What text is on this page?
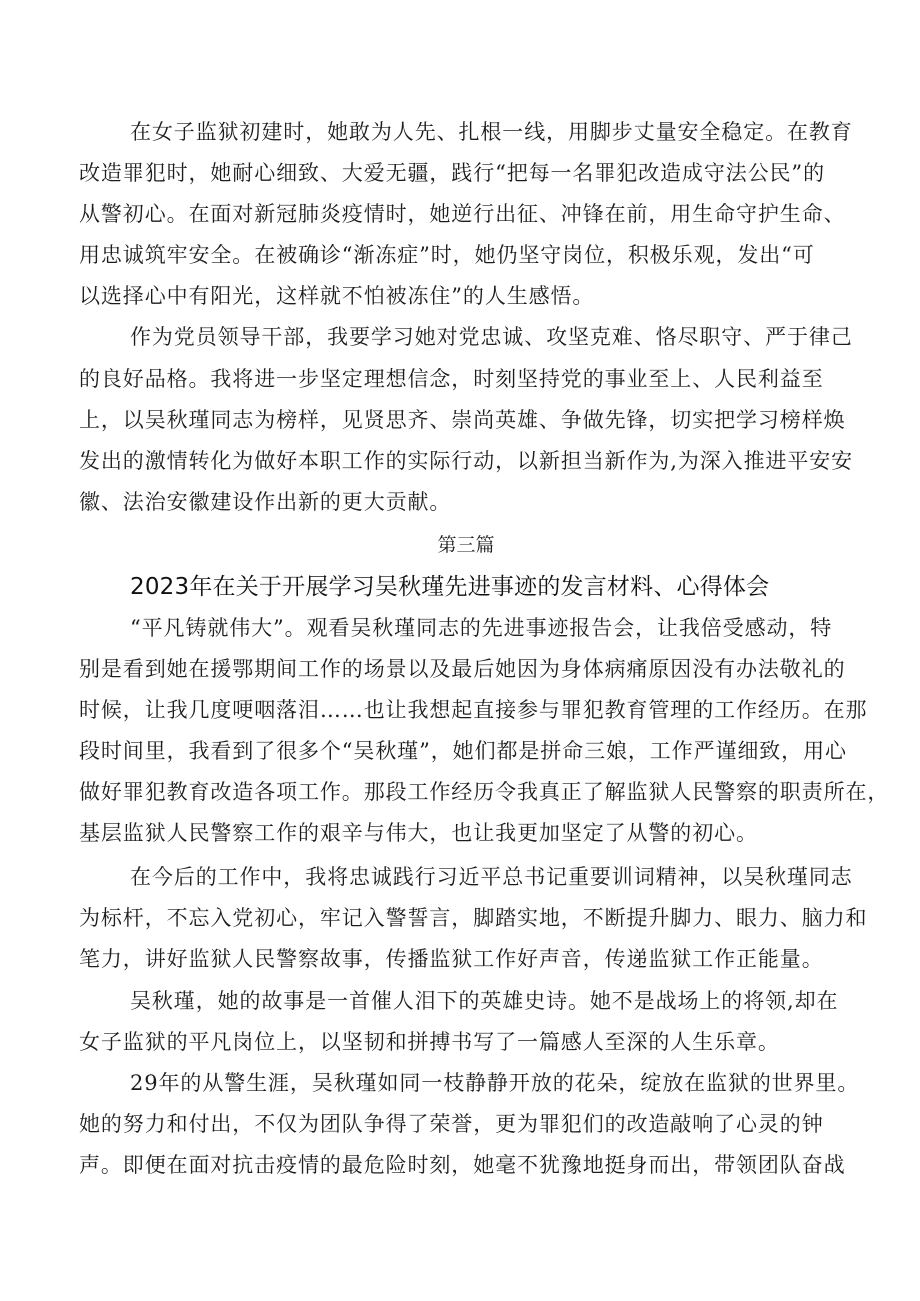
在女子监狱初建时，她敢为人先、扎根一线，用脚步丈量安全稳定。在教育
改造罪犯时，她耐心细致、大爱无疆，践行“把每一名罪犯改造成守法公民”的
从警初心。在面对新冠肺炎疫情时，她逆行出征、冲锋在前，用生命守护生命、
用忠诚筑牢安全。在被确诊“渐冻症”时，她仍坚守岗位，积极乐观，发出“可
以选择心中有阳光，这样就不怕被冻住”的人生感悟。
作为党员领导干部，我要学习她对党忠诚、攻坚克难、恪尽职守、严于律己
的良好品格。我将进一步坚定理想信念，时刻坚持党的事业至上、人民利益至
上，以吴秋瑾同志为榜样，见贤思齐、崇尚英雄、争做先锋，切实把学习榜样焕
发出的激情转化为做好本职工作的实际行动，以新担当新作为,为深入推进平安安
徽、法治安徽建设作出新的更大贡献。
第三篇
2023年在关于开展学习吴秋瑾先进事迹的发言材料、心得体会
“平凡铸就伟大”。观看吴秋瑾同志的先进事迹报告会，让我倍受感动，特
别是看到她在援鄂期间工作的场景以及最后她因为身体病痛原因没有办法敬礼的
时候，让我几度哽咽落泪……也让我想起直接参与罪犯教育管理的工作经历。在那
段时间里，我看到了很多个“吴秋瑾”，她们都是拼命三娘，工作严谨细致，用心
做好罪犯教育改造各项工作。那段工作经历令我真正了解监狱人民警察的职责所在，
基层监狱人民警察工作的艰辛与伟大，也让我更加坚定了从警的初心。
在今后的工作中，我将忠诚践行习近平总书记重要训词精神，以吴秋瑾同志
为标杆，不忘入党初心，牢记入警誓言，脚踏实地，不断提升脚力、眼力、脑力和
笔力，讲好监狱人民警察故事，传播监狱工作好声音，传递监狱工作正能量。
吴秋瑾，她的故事是一首催人泪下的英雄史诗。她不是战场上的将领,却在
女子监狱的平凡岗位上，以坚韧和拼搏书写了一篇感人至深的人生乐章。
29年的从警生涯，吴秋瑾如同一枝静静开放的花朵，绽放在监狱的世界里。
她的努力和付出，不仅为团队争得了荣誉，更为罪犯们的改造敲响了心灵的钟
声。即便在面对抗击疫情的最危险时刻，她毫不犹豫地挺身而出，带领团队奋战
